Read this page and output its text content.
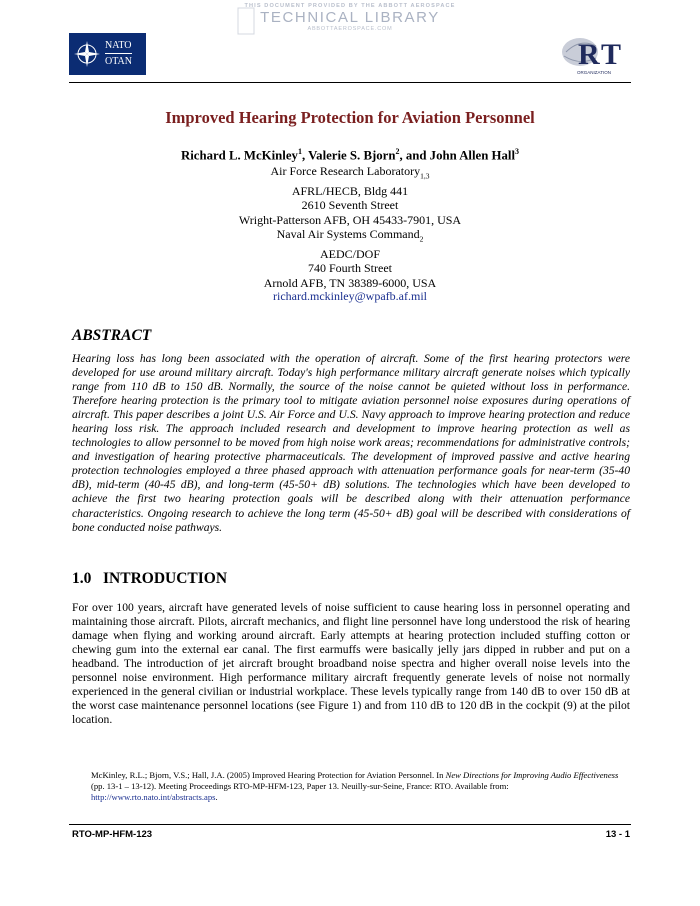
THIS DOCUMENT PROVIDED BY THE ABBOTT AEROSPACE
TECHNICAL LIBRARY
ABBOTTAEROSPACE.COM
NATO
OTAN	R T
ORGANIZATION
Improved Hearing Protection for Aviation Personnel
Richard L. McKinley$^1$, Valerie S. Bjorn$^2$, and John Allen Hall$^3$
Air Force Research Laboratory$_{1,3}$
AFRL/HECB, Bldg 441
2610 Seventh Street
Wright-Patterson AFB, OH 45433-7901, USA
Naval Air Systems Command$_2$
AEDC/DOF
740 Fourth Street
Arnold AFB, TN 38389-6000, USA
richard.mckinley@wpafb.af.mil
ABSTRACT

Hearing loss has long been associated with the operation of aircraft. Some of the first hearing protectors were developed for use around military aircraft. Today's high performance military aircraft generate noises which typically range from 110 dB to 150 dB. Normally, the source of the noise cannot be quieted without loss in performance. Therefore hearing protection is the primary tool to mitigate aviation personnel noise exposures during operations of aircraft. This paper describes a joint U.S. Air Force and U.S. Navy approach to improve hearing protection and reduce hearing loss risk. The approach included research and development to improve hearing protection as well as technologies to allow personnel to be moved from high noise work areas; recommendations for administrative controls; and investigation of hearing protective pharmaceuticals. The development of improved passive and active hearing protection technologies employed a three phased approach with attenuation performance goals for near-term (35-40 dB), mid-term (40-45 dB), and long-term (45-50+ dB) solutions. The technologies which have been developed to achieve the first two hearing protection goals will be described along with their attenuation performance characteristics. Ongoing research to achieve the long term (45-50+ dB) goal will be described with considerations of bone conducted noise pathways.

1.0 INTRODUCTION

For over 100 years, aircraft have generated levels of noise sufficient to cause hearing loss in personnel operating and maintaining those aircraft. Pilots, aircraft mechanics, and flight line personnel have long understood the risk of hearing damage when flying and working around aircraft. Early attempts at hearing protection included stuffing cotton or chewing gum into the external ear canal. The first earmuffs were basically jelly jars dipped in rubber and put on a headband. The introduction of jet aircraft brought broadband noise spectra and higher overall noise levels into the personnel noise environment. High performance military aircraft frequently generate levels of noise not normally experienced in the general civilian or industrial workplace. These levels typically range from 140 dB to over 150 dB at the worst case maintenance personnel locations (see Figure 1) and from 110 dB to 120 dB in the cockpit (9) at the pilot location.

McKinley, R.L.; Bjorn, V.S.; Hall, J.A. (2005) Improved Hearing Protection for Aviation Personnel. In New Directions for Improving Audio Effectiveness (pp. 13-1 – 13-12). Meeting Proceedings RTO-MP-HFM-123, Paper 13. Neuilly-sur-Seine, France: RTO. Available from: http://www.rto.nato.int/abstracts.aps.

RTO-MP-HFM-123	13 - 1
